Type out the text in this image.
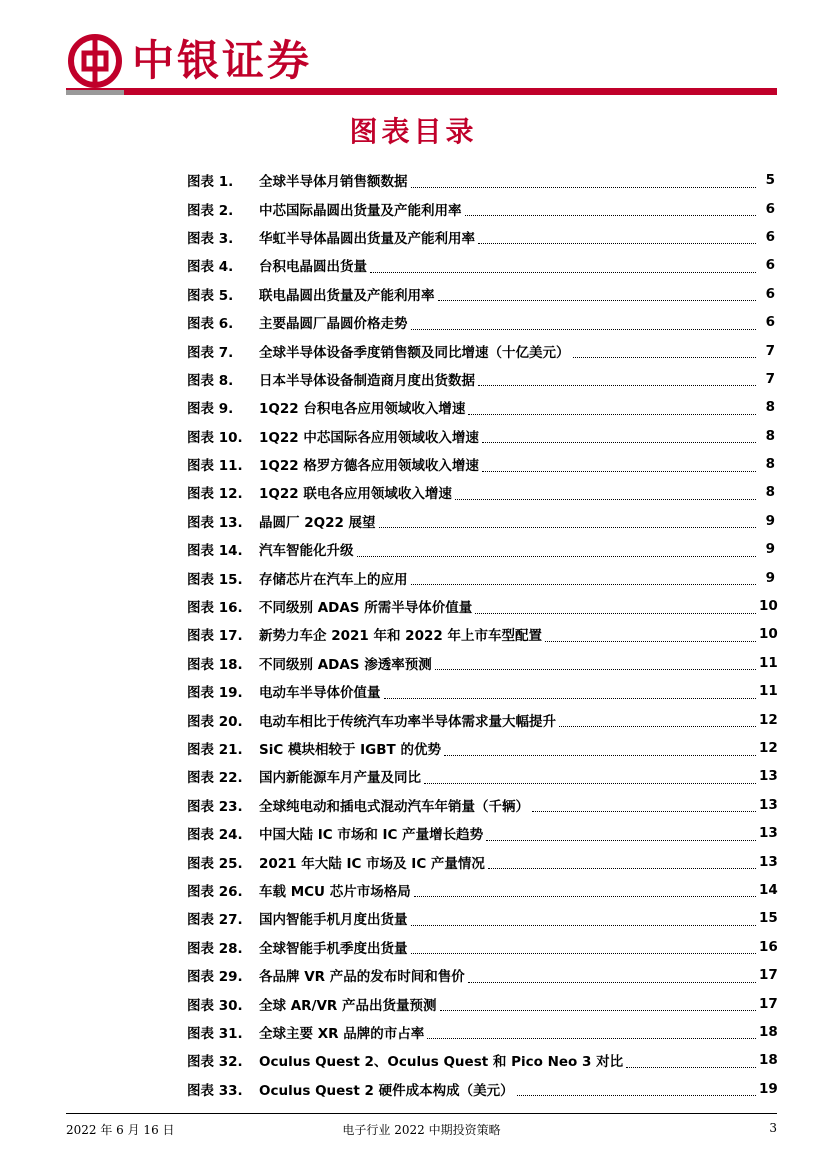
中银证券
图表目录
图表 1.	全球半导体月销售额数据	5
图表 2.	中芯国际晶圆出货量及产能利用率	6
图表 3.	华虹半导体晶圆出货量及产能利用率	6
图表 4.	台积电晶圆出货量	6
图表 5.	联电晶圆出货量及产能利用率	6
图表 6.	主要晶圆厂晶圆价格走势	6
图表 7.	全球半导体设备季度销售额及同比增速（十亿美元）	7
图表 8.	日本半导体设备制造商月度出货数据	7
图表 9.	1Q22 台积电各应用领域收入增速	8
图表 10.	1Q22 中芯国际各应用领域收入增速	8
图表 11.	1Q22 格罗方德各应用领域收入增速	8
图表 12.	1Q22 联电各应用领域收入增速	8
图表 13.	晶圆厂 2Q22 展望	9
图表 14.	汽车智能化升级	9
图表 15.	存储芯片在汽车上的应用	9
图表 16.	不同级别 ADAS 所需半导体价值量	10
图表 17.	新势力车企 2021 年和 2022 年上市车型配置	10
图表 18.	不同级别 ADAS 渗透率预测	11
图表 19.	电动车半导体价值量	11
图表 20.	电动车相比于传统汽车功率半导体需求量大幅提升	12
图表 21.	SiC 模块相较于 IGBT 的优势	12
图表 22.	国内新能源车月产量及同比	13
图表 23.	全球纯电动和插电式混动汽车年销量（千辆）	13
图表 24.	中国大陆 IC 市场和 IC 产量增长趋势	13
图表 25.	2021 年大陆 IC 市场及 IC 产量情况	13
图表 26.	车载 MCU 芯片市场格局	14
图表 27.	国内智能手机月度出货量	15
图表 28.	全球智能手机季度出货量	16
图表 29.	各品牌 VR 产品的发布时间和售价	17
图表 30.	全球 AR/VR 产品出货量预测	17
图表 31.	全球主要 XR 品牌的市占率	18
图表 32.	Oculus Quest 2、Oculus Quest 和 Pico Neo 3 对比	18
图表 33.	Oculus Quest 2 硬件成本构成（美元）	19
2022 年 6 月 16 日	电子行业 2022 中期投资策略	3
